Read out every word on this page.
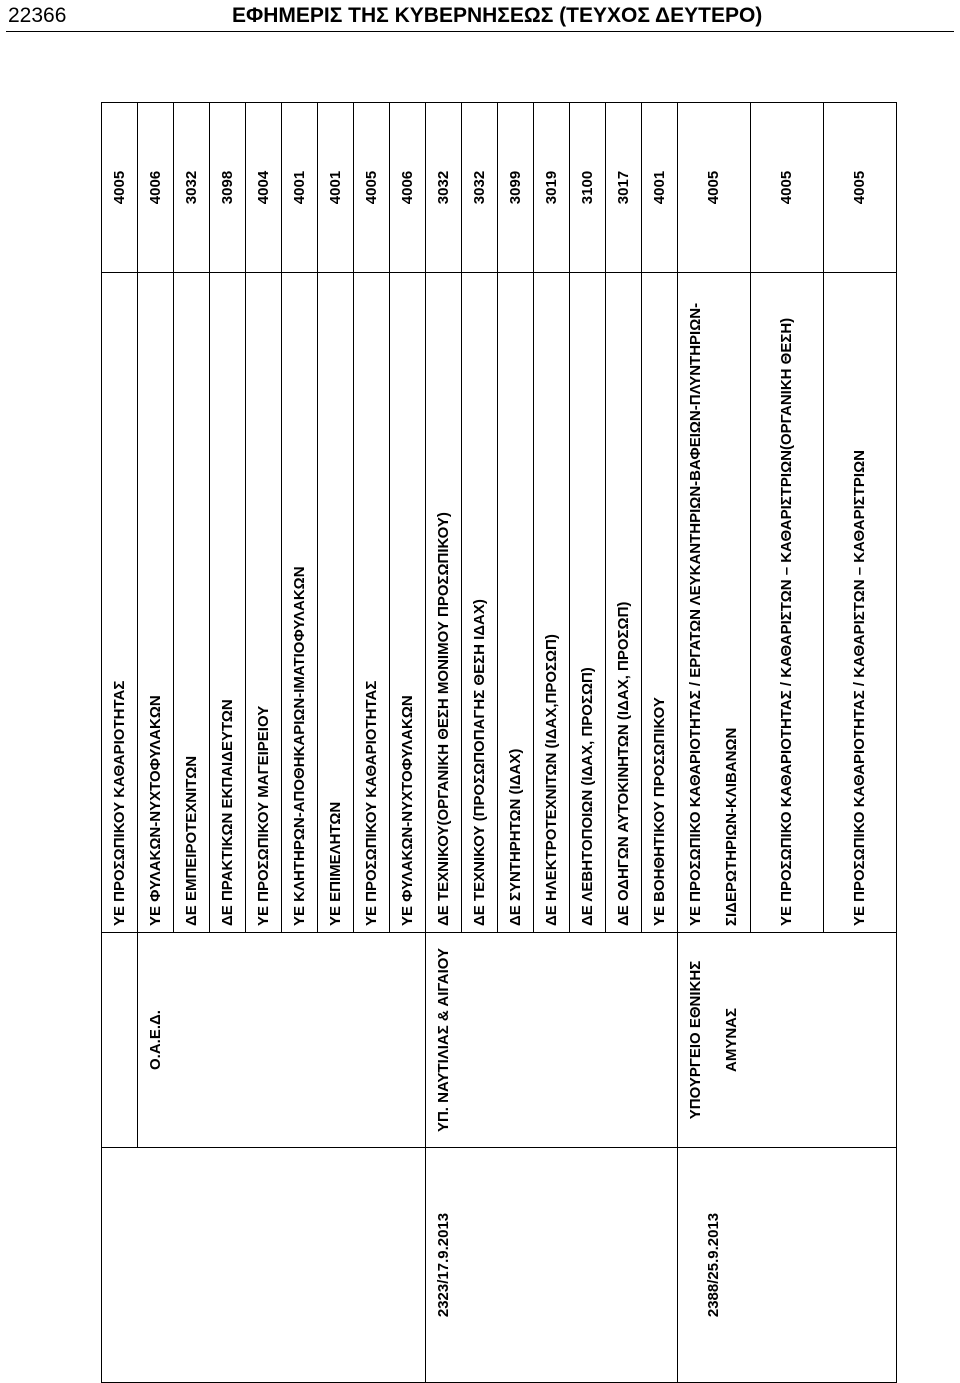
22366	ΕΦΗΜΕΡΙΣ ΤΗΣ ΚΥΒΕΡΝΗΣΕΩΣ (ΤΕΥΧΟΣ ΔΕΥΤΕΡΟ)
		ΥΕ ΠΡΟΣΩΠΙΚΟΥ ΚΑΘΑΡΙΟΤΗΤΑΣ	4005
	Ο.Α.Ε.Δ.	ΥΕ ΦΥΛΑΚΩΝ-ΝΥΧΤΟΦΥΛΑΚΩΝ	4006
		ΔΕ ΕΜΠΕΙΡΟΤΕΧΝΙΤΩΝ	3032
		ΔΕ ΠΡΑΚΤΙΚΩΝ ΕΚΠΑΙΔΕΥΤΩΝ	3098
		ΥΕ ΠΡΟΣΩΠΙΚΟΥ ΜΑΓΕΙΡΕΙΟΥ	4004
		ΥΕ ΚΛΗΤΗΡΩΝ-ΑΠΟΘΗΚΑΡΙΩΝ-ΙΜΑΤΙΟΦΥΛΑΚΩΝ	4001
		ΥΕ ΕΠΙΜΕΛΗΤΩΝ	4001
		ΥΕ ΠΡΟΣΩΠΙΚΟΥ ΚΑΘΑΡΙΟΤΗΤΑΣ	4005
		ΥΕ ΦΥΛΑΚΩΝ-ΝΥΧΤΟΦΥΛΑΚΩΝ	4006
2323/17.9.2013	ΥΠ. ΝΑΥΤΙΛΙΑΣ & ΑΙΓΑΙΟΥ	ΔΕ ΤΕΧΝΙΚΟΥ(ΟΡΓΑΝΙΚΗ ΘΕΣΗ ΜΟΝΙΜΟΥ ΠΡΟΣΩΠΙΚΟΥ)	3032
		ΔΕ ΤΕΧΝΙΚΟΥ (ΠΡΟΣΩΠΟΠΑΓΗΣ ΘΕΣΗ ΙΔΑΧ)	3032
		ΔΕ ΣΥΝΤΗΡΗΤΩΝ (ΙΔΑΧ)	3099
		ΔΕ ΗΛΕΚΤΡΟΤΕΧΝΙΤΩΝ (ΙΔΑΧ,ΠΡΟΣΩΠ)	3019
		ΔΕ ΛΕΒΗΤΟΠΟΙΩΝ (ΙΔΑΧ, ΠΡΟΣΩΠ)	3100
		ΔΕ ΟΔΗΓΩΝ ΑΥΤΟΚΙΝΗΤΩΝ (ΙΔΑΧ, ΠΡΟΣΩΠ)	3017
		ΥΕ ΒΟΗΘΗΤΙΚΟΥ ΠΡΟΣΩΠΙΚΟΥ	4001
2388/25.9.2013	ΥΠΟΥΡΓΕΙΟ ΕΘΝΙΚΗΣ ΑΜΥΝΑΣ	ΥΕ ΠΡΟΣΩΠΙΚΟ ΚΑΘΑΡΙΟΤΗΤΑΣ / ΕΡΓΑΤΩΝ ΛΕΥΚΑΝΤΗΡΙΩΝ-ΒΑΦΕΙΩΝ-ΠΛΥΝΤΗΡΙΩΝ-ΣΙΔΕΡΩΤΗΡΙΩΝ-ΚΛΙΒΑΝΩΝ	4005
		ΥΕ ΠΡΟΣΩΠΙΚΟ ΚΑΘΑΡΙΟΤΗΤΑΣ / ΚΑΘΑΡΙΣΤΩΝ – ΚΑΘΑΡΙΣΤΡΙΩΝ(ΟΡΓΑΝΙΚΗ ΘΕΣΗ)	4005
		ΥΕ ΠΡΟΣΩΠΙΚΟ ΚΑΘΑΡΙΟΤΗΤΑΣ / ΚΑΘΑΡΙΣΤΩΝ – ΚΑΘΑΡΙΣΤΡΙΩΝ	4005
